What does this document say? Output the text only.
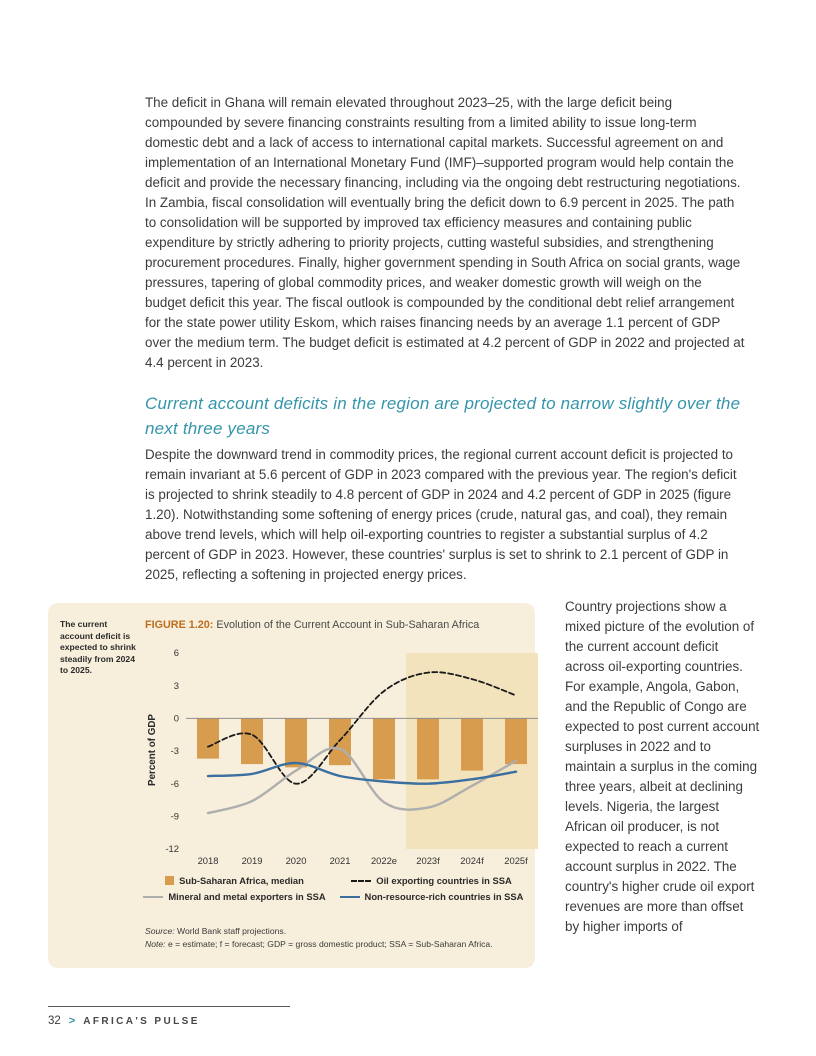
The deficit in Ghana will remain elevated throughout 2023–25, with the large deficit being compounded by severe financing constraints resulting from a limited ability to issue long-term domestic debt and a lack of access to international capital markets. Successful agreement on and implementation of an International Monetary Fund (IMF)–supported program would help contain the deficit and provide the necessary financing, including via the ongoing debt restructuring negotiations. In Zambia, fiscal consolidation will eventually bring the deficit down to 6.9 percent in 2025. The path to consolidation will be supported by improved tax efficiency measures and containing public expenditure by strictly adhering to priority projects, cutting wasteful subsidies, and strengthening procurement procedures. Finally, higher government spending in South Africa on social grants, wage pressures, tapering of global commodity prices, and weaker domestic growth will weigh on the budget deficit this year. The fiscal outlook is compounded by the conditional debt relief arrangement for the state power utility Eskom, which raises financing needs by an average 1.1 percent of GDP over the medium term. The budget deficit is estimated at 4.2 percent of GDP in 2022 and projected at 4.4 percent in 2023.

Current account deficits in the region are projected to narrow slightly over the next three years

Despite the downward trend in commodity prices, the regional current account deficit is projected to remain invariant at 5.6 percent of GDP in 2023 compared with the previous year. The region's deficit is projected to shrink steadily to 4.8 percent of GDP in 2024 and 4.2 percent of GDP in 2025 (figure 1.20). Notwithstanding some softening of energy prices (crude, natural gas, and coal), they remain above trend levels, which will help oil-exporting countries to register a substantial surplus of 4.2 percent of GDP in 2023. However, these countries' surplus is set to shrink to 2.1 percent of GDP in 2025, reflecting a softening in projected energy prices.

The current account deficit is expected to shrink steadily from 2024 to 2025.
FIGURE 1.20: Evolution of the Current Account in Sub-Saharan Africa
Percent of GDP
6
3
0
-3
-6
-9
-12
2018 2019 2020 2021 2022e 2023f 2024f 2025f
Sub-Saharan Africa, median	Oil exporting countries in SSA
Mineral and metal exporters in SSA	Non-resource-rich countries in SSA
Source: World Bank staff projections.
Note: e = estimate; f = forecast; GDP = gross domestic product; SSA = Sub-Saharan Africa.
Country projections show a mixed picture of the evolution of the current account deficit across oil-exporting countries. For example, Angola, Gabon, and the Republic of Congo are expected to post current account surpluses in 2022 and to maintain a surplus in the coming three years, albeit at declining levels. Nigeria, the largest African oil producer, is not expected to reach a current account surplus in 2022. The country's higher crude oil export revenues are more than offset by higher imports of
32 > AFRICA'S PULSE
